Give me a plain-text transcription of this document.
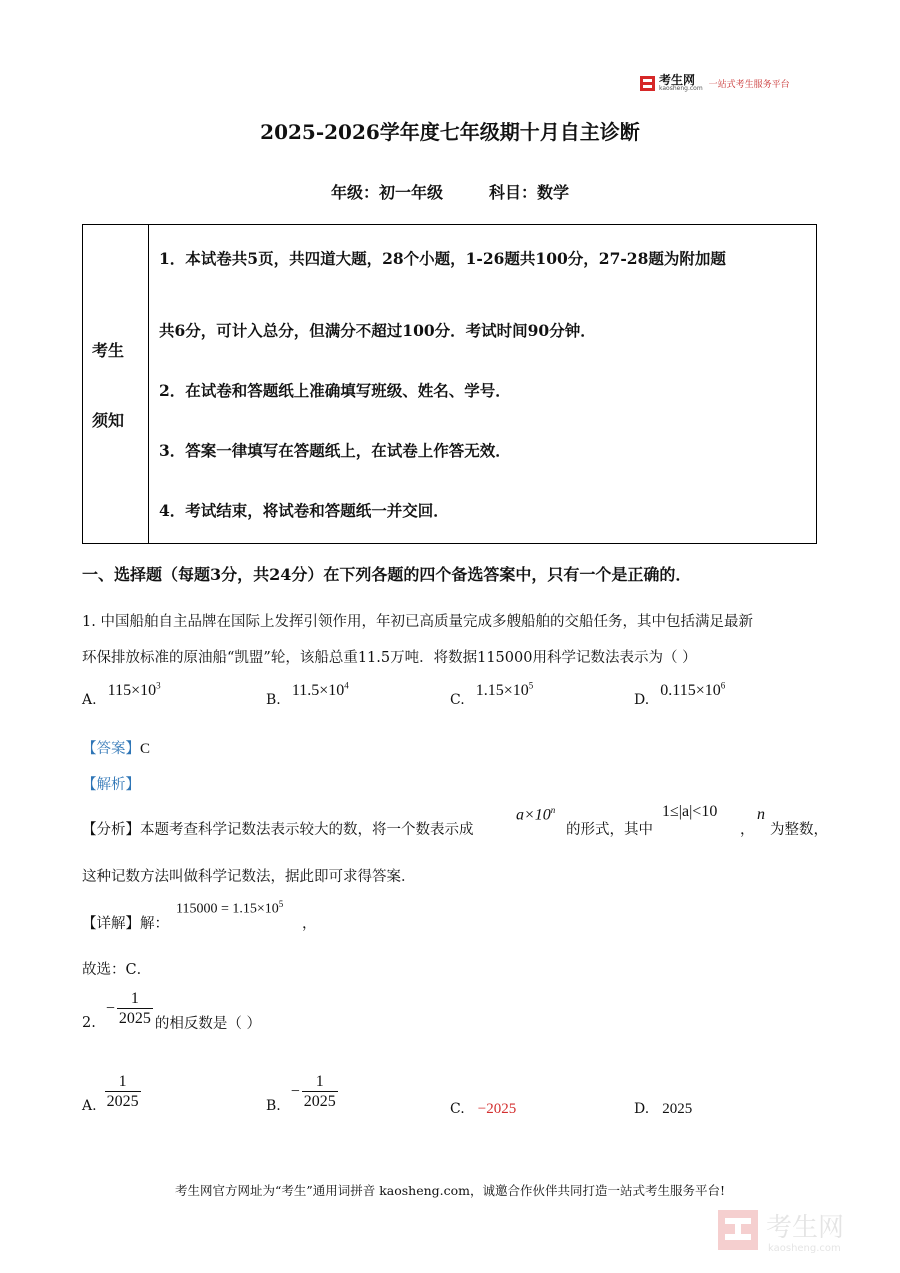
考生网
kaosheng.com 一站式考生服务平台
2025-2026学年度七年级期十月自主诊断
年级：初一年级	科目：数学
考生
须知
1．本试卷共5页，共四道大题，28个小题，1-26题共100分，27-28题为附加题
共6分，可计入总分，但满分不超过100分．考试时间90分钟．
2．在试卷和答题纸上准确填写班级、姓名、学号．
3．答案一律填写在答题纸上，在试卷上作答无效．
4．考试结束，将试卷和答题纸一并交回．
一、选择题（每题3分，共24分）在下列各题的四个备选答案中，只有一个是正确的．
1. 中国船舶自主品牌在国际上发挥引领作用，年初已高质量完成多艘船舶的交船任务，其中包括满足最新
环保排放标准的原油船“凯盟”轮，该船总重11.5万吨．将数据115000用科学记数法表示为（ ）
A. $115\times 10^3$
B. $11.5\times 10^4$
C. $1.15\times 10^5$
D. $0.115\times 10^6$
【答案】C
【解析】
【分析】本题考查科学记数法表示较大的数，将一个数表示成
$a\times 10^n$
的形式，其中
1≤|a|<10
，
n
为整数，
这种记数方法叫做科学记数法，据此即可求得答案．
【详解】解：
$115000 = 1.15\times 10^5$
，
故选：C．
2.
− $\frac{1}{2025}$ 的相反数是（ ）
A. $\frac{1}{2025}$	B.
− $\frac{1}{2025}$	C. −2025	D. 2025
考生网官方网址为“考生”通用词拼音 kaosheng.com，诚邀合作伙伴共同打造一站式考生服务平台!
考生网
kaosheng.com
